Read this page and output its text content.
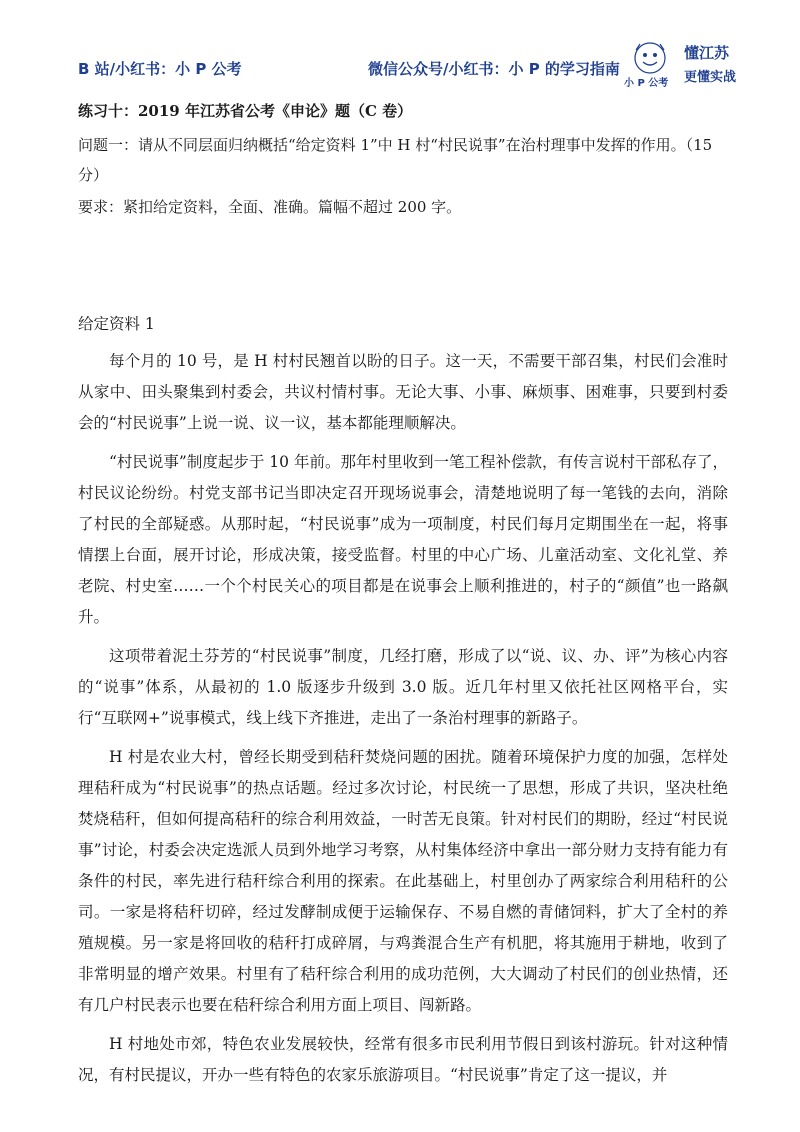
B 站/小红书：小 P 公考	微信公众号/小红书：小 P 的学习指南
小 P 公考
懂江苏
更懂实战

练习十：2019 年江苏省公考《申论》题（C 卷）

问题一：请从不同层面归纳概括“给定资料 1”中 H 村“村民说事”在治村理事中发挥的作用。（15 分）

要求：紧扣给定资料，全面、准确。篇幅不超过 200 字。

给定资料 1

每个月的 10 号，是 H 村村民翘首以盼的日子。这一天，不需要干部召集，村民们会准时从家中、田头聚集到村委会，共议村情村事。无论大事、小事、麻烦事、困难事，只要到村委会的“村民说事”上说一说、议一议，基本都能理顺解决。

“村民说事”制度起步于 10 年前。那年村里收到一笔工程补偿款，有传言说村干部私存了，村民议论纷纷。村党支部书记当即决定召开现场说事会，清楚地说明了每一笔钱的去向，消除了村民的全部疑惑。从那时起，“村民说事”成为一项制度，村民们每月定期围坐在一起，将事情摆上台面，展开讨论，形成决策，接受监督。村里的中心广场、儿童活动室、文化礼堂、养老院、村史室……一个个村民关心的项目都是在说事会上顺利推进的，村子的“颜值”也一路飙升。

这项带着泥土芬芳的“村民说事”制度，几经打磨，形成了以“说、议、办、评”为核心内容的“说事”体系，从最初的 1.0 版逐步升级到 3.0 版。近几年村里又依托社区网格平台，实行“互联网+”说事模式，线上线下齐推进，走出了一条治村理事的新路子。

H 村是农业大村，曾经长期受到秸秆焚烧问题的困扰。随着环境保护力度的加强，怎样处理秸秆成为“村民说事”的热点话题。经过多次讨论，村民统一了思想，形成了共识，坚决杜绝焚烧秸秆，但如何提高秸秆的综合利用效益，一时苦无良策。针对村民们的期盼，经过“村民说事”讨论，村委会决定选派人员到外地学习考察，从村集体经济中拿出一部分财力支持有能力有条件的村民，率先进行秸秆综合利用的探索。在此基础上，村里创办了两家综合利用秸秆的公司。一家是将秸秆切碎，经过发酵制成便于运输保存、不易自燃的青储饲料，扩大了全村的养殖规模。另一家是将回收的秸秆打成碎屑，与鸡粪混合生产有机肥，将其施用于耕地，收到了非常明显的增产效果。村里有了秸秆综合利用的成功范例，大大调动了村民们的创业热情，还有几户村民表示也要在秸秆综合利用方面上项目、闯新路。

H 村地处市郊，特色农业发展较快，经常有很多市民利用节假日到该村游玩。针对这种情况，有村民提议，开办一些有特色的农家乐旅游项目。“村民说事”肯定了这一提议，并
